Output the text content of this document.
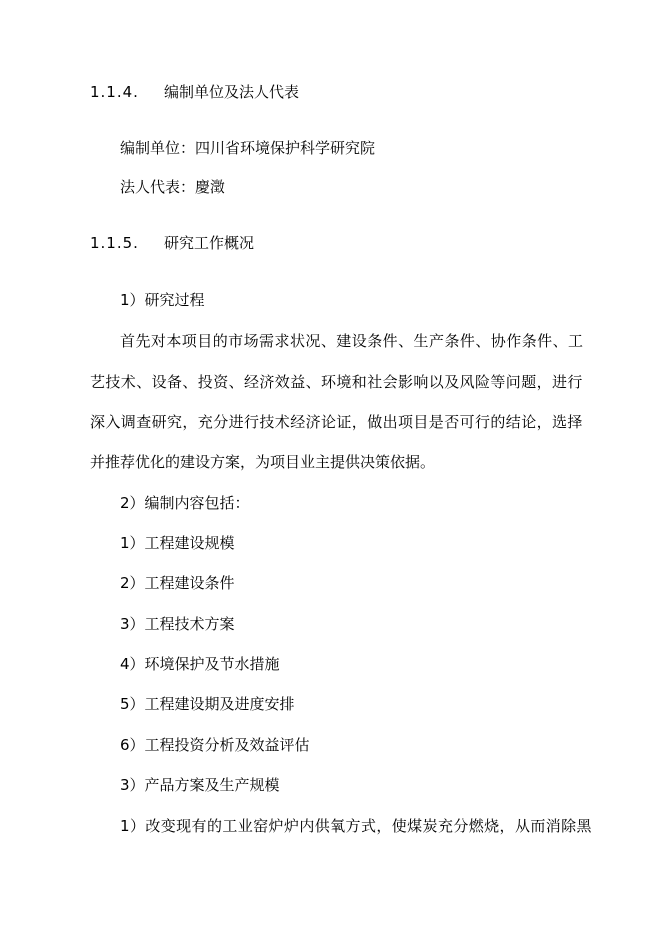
1.1.4. 编制单位及法人代表
编制单位：四川省环境保护科学研究院
法人代表：慶澂
1.1.5. 研究工作概况
1）研究过程
首先对本项目的市场需求状况、建设条件、生产条件、协作条件、工
艺技术、设备、投资、经济效益、环境和社会影响以及风险等问题，进行
深入调查研究，充分进行技术经济论证，做出项目是否可行的结论，选择
并推荐优化的建设方案，为项目业主提供决策依据。
2）编制内容包括：
1）工程建设规模
2）工程建设条件
3）工程技术方案
4）环境保护及节水措施
5）工程建设期及进度安排
6）工程投资分析及效益评估
3）产品方案及生产规模
1）改变现有的工业窑炉炉内供氧方式，使煤炭充分燃烧，从而消除黑
